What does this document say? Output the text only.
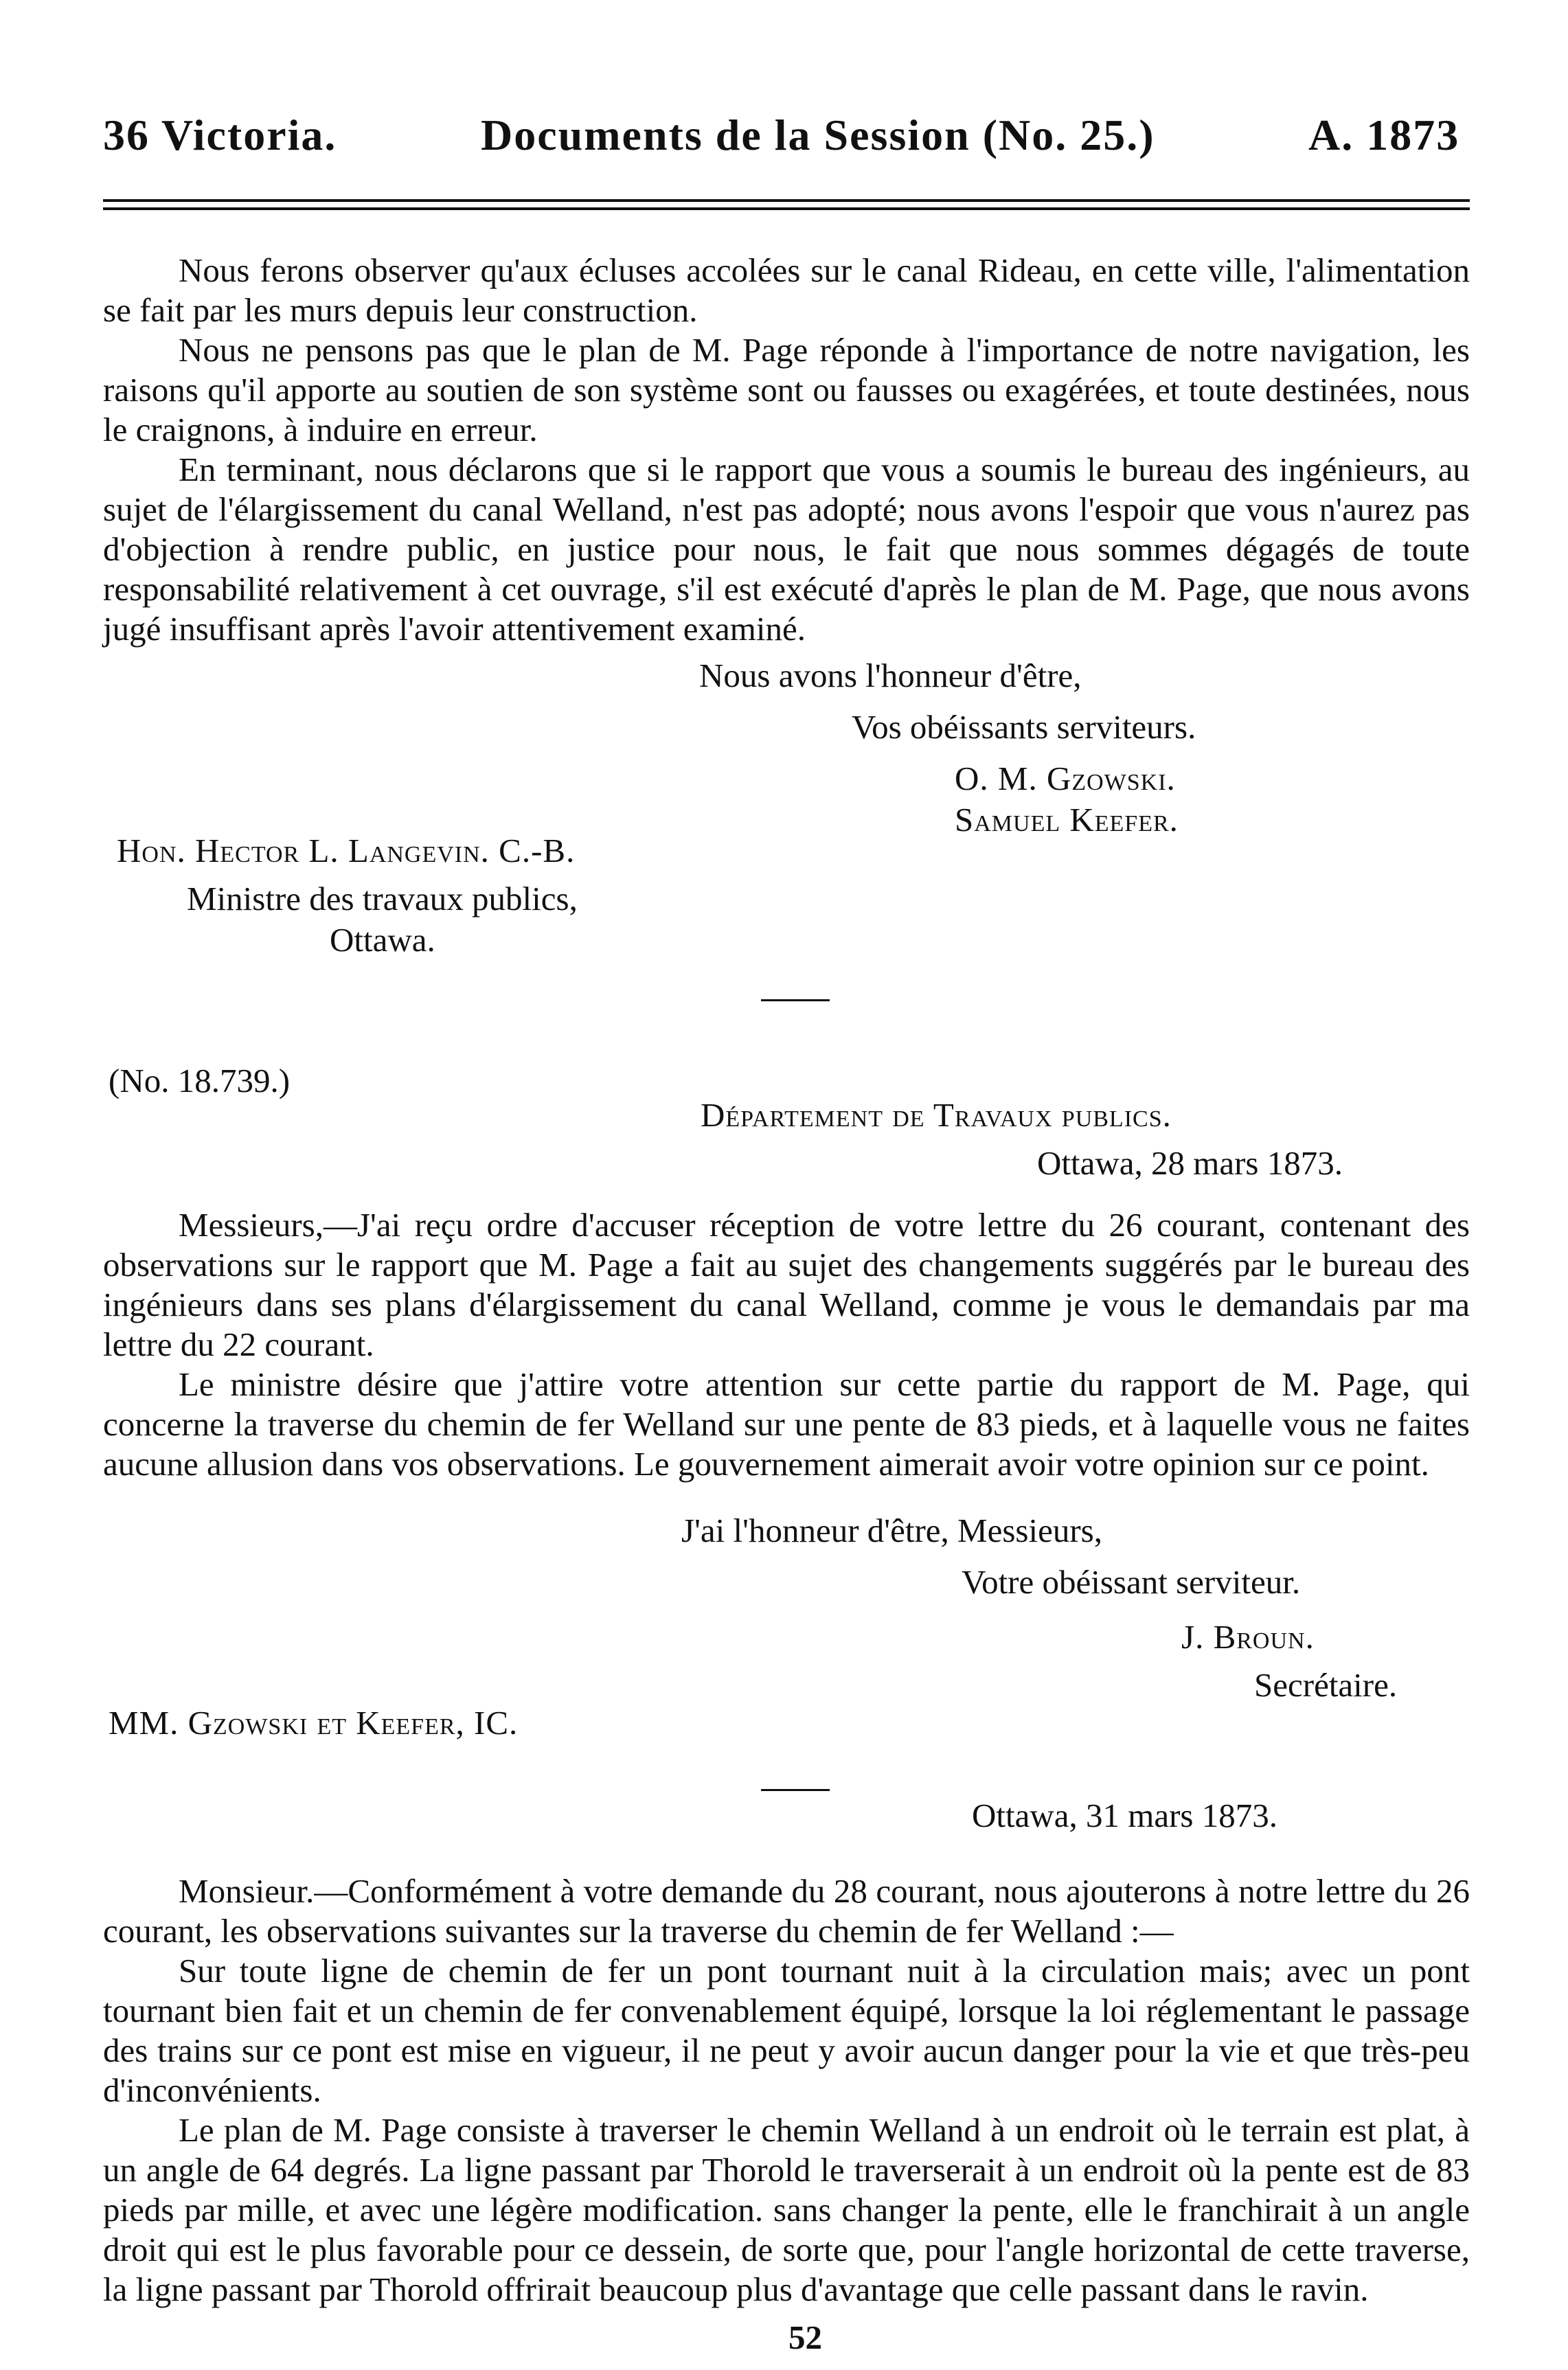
36 Victoria.	Documents de la Session (No. 25.)	A. 1873

Nous ferons observer qu'aux écluses accolées sur le canal Rideau, en cette ville, l'alimentation se fait par les murs depuis leur construction.

Nous ne pensons pas que le plan de M. Page réponde à l'importance de notre navigation, les raisons qu'il apporte au soutien de son système sont ou fausses ou exagérées, et toute destinées, nous le craignons, à induire en erreur.

En terminant, nous déclarons que si le rapport que vous a soumis le bureau des ingénieurs, au sujet de l'élargissement du canal Welland, n'est pas adopté; nous avons l'espoir que vous n'aurez pas d'objection à rendre public, en justice pour nous, le fait que nous sommes dégagés de toute responsabilité relativement à cet ouvrage, s'il est exécuté d'après le plan de M. Page, que nous avons jugé insuffisant après l'avoir attentivement examiné.

Nous avons l'honneur d'être,
Vos obéissants serviteurs.
O. M. Gzowski.
Samuel Keefer.
Hon. Hector L. Langevin. C.-B.
Ministre des travaux publics,
Ottawa.
(No. 18.739.)
Département de Travaux publics.
Ottawa, 28 mars 1873.

Messieurs,—J'ai reçu ordre d'accuser réception de votre lettre du 26 courant, contenant des observations sur le rapport que M. Page a fait au sujet des changements suggérés par le bureau des ingénieurs dans ses plans d'élargissement du canal Welland, comme je vous le demandais par ma lettre du 22 courant.

Le ministre désire que j'attire votre attention sur cette partie du rapport de M. Page, qui concerne la traverse du chemin de fer Welland sur une pente de 83 pieds, et à laquelle vous ne faites aucune allusion dans vos observations. Le gouvernement aimerait avoir votre opinion sur ce point.

J'ai l'honneur d'être, Messieurs,
Votre obéissant serviteur.
J. Broun.
Secrétaire.
MM. Gzowski et Keefer, IC.
Ottawa, 31 mars 1873.

Monsieur.—Conformément à votre demande du 28 courant, nous ajouterons à notre lettre du 26 courant, les observations suivantes sur la traverse du chemin de fer Welland :—

Sur toute ligne de chemin de fer un pont tournant nuit à la circulation mais; avec un pont tournant bien fait et un chemin de fer convenablement équipé, lorsque la loi réglementant le passage des trains sur ce pont est mise en vigueur, il ne peut y avoir aucun danger pour la vie et que très-peu d'inconvénients.

Le plan de M. Page consiste à traverser le chemin Welland à un endroit où le terrain est plat, à un angle de 64 degrés. La ligne passant par Thorold le traverserait à un endroit où la pente est de 83 pieds par mille, et avec une légère modification. sans changer la pente, elle le franchirait à un angle droit qui est le plus favorable pour ce dessein, de sorte que, pour l'angle horizontal de cette traverse, la ligne passant par Thorold offrirait beaucoup plus d'avantage que celle passant dans le ravin.

52
